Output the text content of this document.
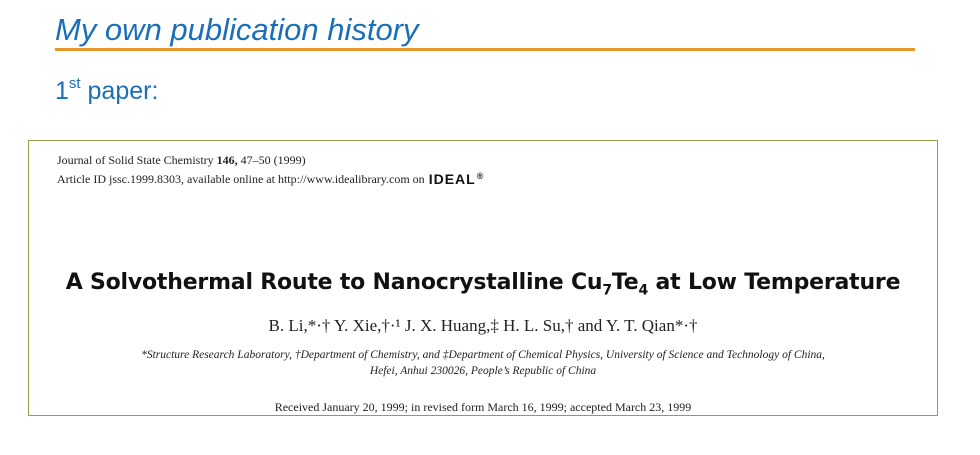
My own publication history
1st paper:
Journal of Solid State Chemistry 146, 47–50 (1999)
Article ID jssc.1999.8303, available online at http://www.idealibrary.com on IDEAL®
A Solvothermal Route to Nanocrystalline $Cu_7Te_4$ at Low Temperature
B. Li,*·† Y. Xie,†·¹ J. X. Huang,‡ H. L. Su,† and Y. T. Qian*·†
*Structure Research Laboratory, †Department of Chemistry, and ‡Department of Chemical Physics, University of Science and Technology of China,
Hefei, Anhui 230026, People’s Republic of China
Received January 20, 1999; in revised form March 16, 1999; accepted March 23, 1999
